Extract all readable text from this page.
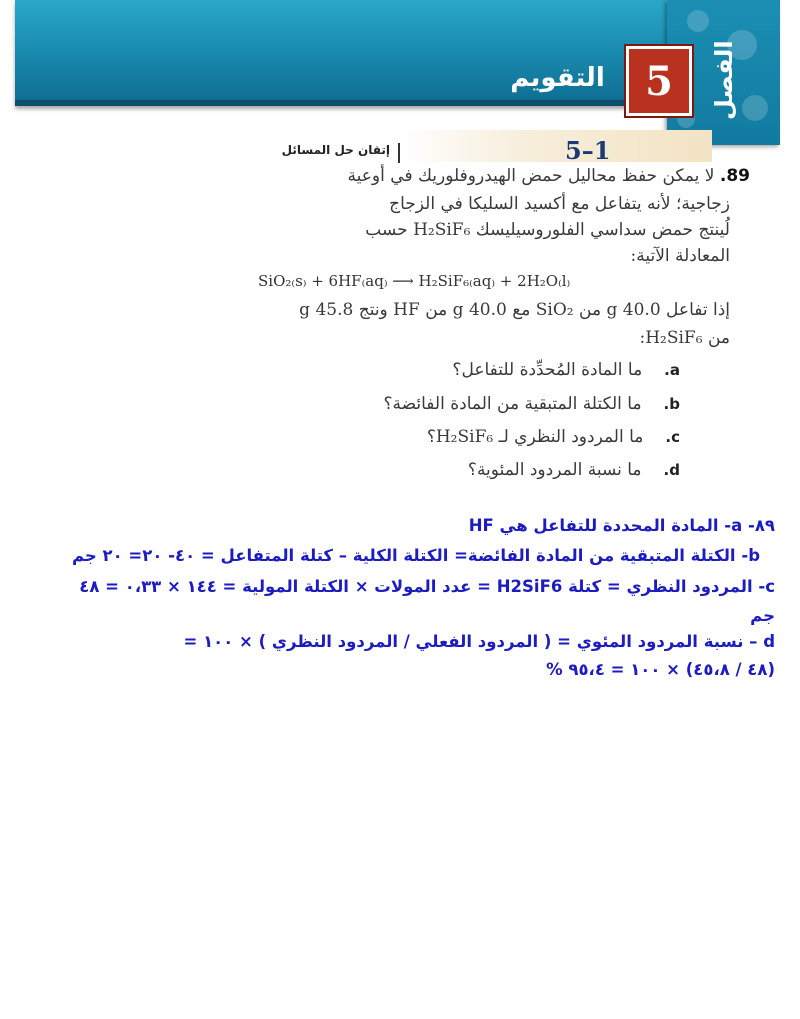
الفصل
5
التقويم
5–1
إتقان حل المسائل
89. لا يمكن حفظ محاليل حمض الهيدروفلوريك في أوعية
زجاجية؛ لأنه يتفاعل مع أكسيد السليكا في الزجاج
لُينتج حمض سداسي الفلوروسيليسك H₂SiF₆ حسب
المعادلة الآتية:
SiO₂₍s₎ + 6HF₍aq₎ ⟶ H₂SiF₆₍aq₎ + 2H₂O₍l₎
إذا تفاعل 40.0 g من SiO₂ مع 40.0 g من HF ونتج 45.8 g
من H₂SiF₆:
a.ما المادة المُحدِّدة للتفاعل؟
b.ما الكتلة المتبقية من المادة الفائضة؟
c.ما المردود النظري لـ H₂SiF₆؟
d.ما نسبة المردود المئوية؟
٨٩- a- المادة المحددة للتفاعل هي HF
b- الكتلة المتبقية من المادة الفائضة= الكتلة الكلية – كتلة المتفاعل = ٤٠- ٢٠= ٢٠ جم
c- المردود النظري = كتلة H2SiF6 = عدد المولات × الكتلة المولية = ١٤٤ × ٠،٣٣ = ٤٨
جم
d – نسبة المردود المئوي = ( المردود الفعلي / المردود النظري ) × ١٠٠ =
(٤٨ / ٤٥،٨) × ١٠٠ = ٩٥،٤ %
